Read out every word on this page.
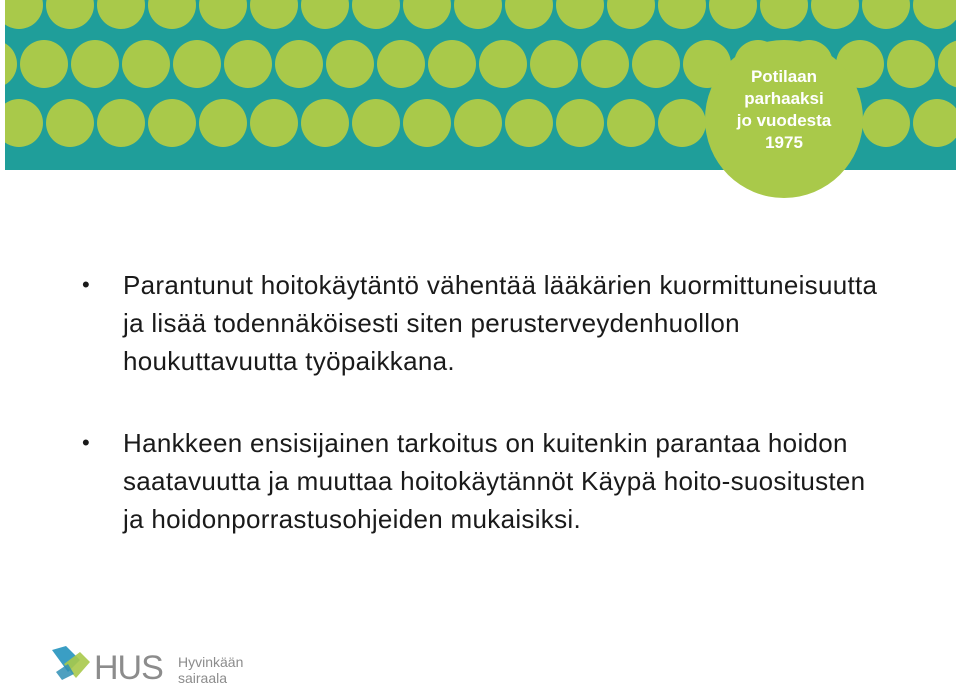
Potilaan
parhaaksi
jo vuodesta
1975
• Parantunut hoitokäytäntö vähentää lääkärien kuormittuneisuutta ja lisää todennäköisesti siten perusterveydenhuollon houkuttavuutta työpaikkana.
• Hankkeen ensisijainen tarkoitus on kuitenkin parantaa hoidon saatavuutta ja muuttaa hoitokäytännöt Käypä hoito-suositusten ja hoidonporrastusohjeiden mukaisiksi.
HUS Hyvinkään
sairaala
